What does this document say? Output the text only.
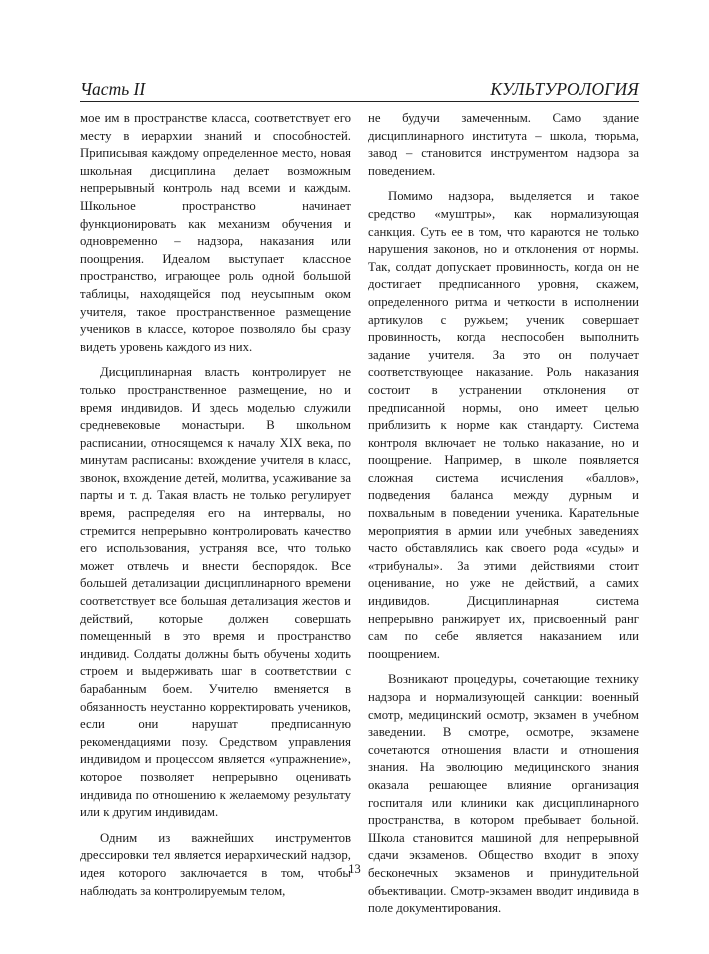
Часть II	КУЛЬТУРОЛОГИЯ

мое им в пространстве класса, соответствует его месту в иерархии знаний и способностей. Приписывая каждому определенное место, новая школьная дисциплина делает возможным непрерывный контроль над всеми и каждым. Школьное пространство начинает функционировать как механизм обучения и одновременно – надзора, наказания или поощрения. Идеалом выступает классное пространство, играющее роль одной большой таблицы, находящейся под неусыпным оком учителя, такое пространственное размещение учеников в классе, которое позволяло бы сразу видеть уровень каждого из них.

Дисциплинарная власть контролирует не только пространственное размещение, но и время индивидов. И здесь моделью служили средневековые монастыри. В школьном расписании, относящемся к началу XIX века, по минутам расписаны: вхождение учителя в класс, звонок, вхождение детей, молитва, усаживание за парты и т. д. Такая власть не только регулирует время, распределяя его на интервалы, но стремится непрерывно контролировать качество его использования, устраняя все, что только может отвлечь и внести беспорядок. Все большей детализации дисциплинарного времени соответствует все большая детализация жестов и действий, которые должен совершать помещенный в это время и пространство индивид. Солдаты должны быть обучены ходить строем и выдерживать шаг в соответствии с барабанным боем. Учителю вменяется в обязанность неустанно корректировать учеников, если они нарушат предписанную рекомендациями позу. Средством управления индивидом и процессом является «упражнение», которое позволяет непрерывно оценивать индивида по отношению к желаемому результату или к другим индивидам.

Одним из важнейших инструментов дрессировки тел является иерархический надзор, идея которого заключается в том, чтобы наблюдать за контролируемым телом,

не будучи замеченным. Само здание дисциплинарного института – школа, тюрьма, завод – становится инструментом надзора за поведением.

Помимо надзора, выделяется и такое средство «муштры», как нормализующая санкция. Суть ее в том, что караются не только нарушения законов, но и отклонения от нормы. Так, солдат допускает провинность, когда он не достигает предписанного уровня, скажем, определенного ритма и четкости в исполнении артикулов с ружьем; ученик совершает провинность, когда неспособен выполнить задание учителя. За это он получает соответствующее наказание. Роль наказания состоит в устранении отклонения от предписанной нормы, оно имеет целью приблизить к норме как стандарту. Система контроля включает не только наказание, но и поощрение. Например, в школе появляется сложная система исчисления «баллов», подведения баланса между дурным и похвальным в поведении ученика. Карательные мероприятия в армии или учебных заведениях часто обставлялись как своего рода «суды» и «трибуналы». За этими действиями стоит оценивание, но уже не действий, а самих индивидов. Дисциплинарная система непрерывно ранжирует их, присвоенный ранг сам по себе является наказанием или поощрением.

Возникают процедуры, сочетающие технику надзора и нормализующей санкции: военный смотр, медицинский осмотр, экзамен в учебном заведении. В смотре, осмотре, экзамене сочетаются отношения власти и отношения знания. На эволюцию медицинского знания оказала решающее влияние организация госпиталя или клиники как дисциплинарного пространства, в котором пребывает больной. Школа становится машиной для непрерывной сдачи экзаменов. Общество входит в эпоху бесконечных экзаменов и принудительной объективации. Смотр-экзамен вводит индивида в поле документирования.

13
